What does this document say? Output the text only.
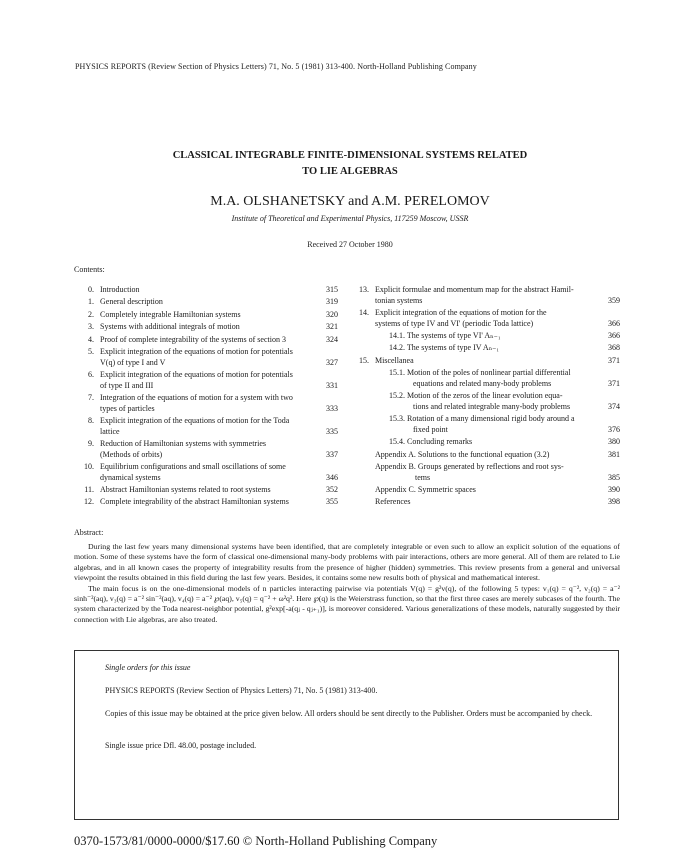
PHYSICS REPORTS (Review Section of Physics Letters) 71, No. 5 (1981) 313-400. North-Holland Publishing Company
CLASSICAL INTEGRABLE FINITE-DIMENSIONAL SYSTEMS RELATED
TO LIE ALGEBRAS
M.A. OLSHANETSKY and A.M. PERELOMOV
Institute of Theoretical and Experimental Physics, 117259 Moscow, USSR
Received 27 October 1980
Contents:
0. Introduction	315
1. General description	319
2. Completely integrable Hamiltonian systems	320
3. Systems with additional integrals of motion	321
4. Proof of complete integrability of the systems of section 3	324
5. Explicit integration of the equations of motion for potentials
V(q) of type I and V	327
6. Explicit integration of the equations of motion for potentials
of type II and III	331
7. Integration of the equations of motion for a system with two
types of particles	333
8. Explicit integration of the equations of motion for the Toda
lattice	335
9. Reduction of Hamiltonian systems with symmetries
(Methods of orbits)	337
10. Equilibrium configurations and small oscillations of some
dynamical systems	346
11. Abstract Hamiltonian systems related to root systems	352
12. Complete integrability of the abstract Hamiltonian systems	355
13. Explicit formulae and momentum map for the abstract Hamil-
tonian systems	359
14. Explicit integration of the equations of motion for the
systems of type IV and VI' (periodic Toda lattice)	366
14.1. The systems of type VI' Aₙ₋₁	366
14.2. The systems of type IV Aₙ₋₁	368
15. Miscellanea	371
15.1. Motion of the poles of nonlinear partial differential
equations and related many-body problems	371
15.2. Motion of the zeros of the linear evolution equa-
tions and related integrable many-body problems	374
15.3. Rotation of a many dimensional rigid body around a
fixed point	376
15.4. Concluding remarks	380
Appendix A. Solutions to the functional equation (3.2)	381
Appendix B. Groups generated by reflections and root sys-
tems	385
Appendix C. Symmetric spaces	390
References	398
Abstract:

During the last few years many dimensional systems have been identified, that are completely integrable or even such to allow an explicit solution of the equations of motion. Some of these systems have the form of classical one-dimensional many-body problems with pair interactions, others are more general. All of them are related to Lie algebras, and in all known cases the property of integrability results from the presence of higher (hidden) symmetries. This review presents from a general and universal viewpoint the results obtained in this field during the last few years. Besides, it contains some new results both of physical and mathematical interest.

The main focus is on the one-dimensional models of n particles interacting pairwise via potentials V(q) = g²v(q), of the following 5 types: v₁(q) = q⁻², v₂(q) = a⁻² sinh⁻²(aq), v₃(q) = a⁻² sin⁻²(aq), v₄(q) = a⁻² ℘(aq), v₅(q) = q⁻² + ω²q². Here ℘(q) is the Weierstrass function, so that the first three cases are merely subcases of the fourth. The system characterized by the Toda nearest-neighbor potential, g²exp[-a(qⱼ - qⱼ₊₁)], is moreover considered. Various generalizations of these models, naturally suggested by their connection with Lie algebras, are also treated.

Single orders for this issue
PHYSICS REPORTS (Review Section of Physics Letters) 71, No. 5 (1981) 313-400.
Copies of this issue may be obtained at the price given below. All orders should be sent directly to the Publisher. Orders must be accompanied by check.
Single issue price Dfl. 48.00, postage included.
0370-1573/81/0000-0000/$17.60 © North-Holland Publishing Company
